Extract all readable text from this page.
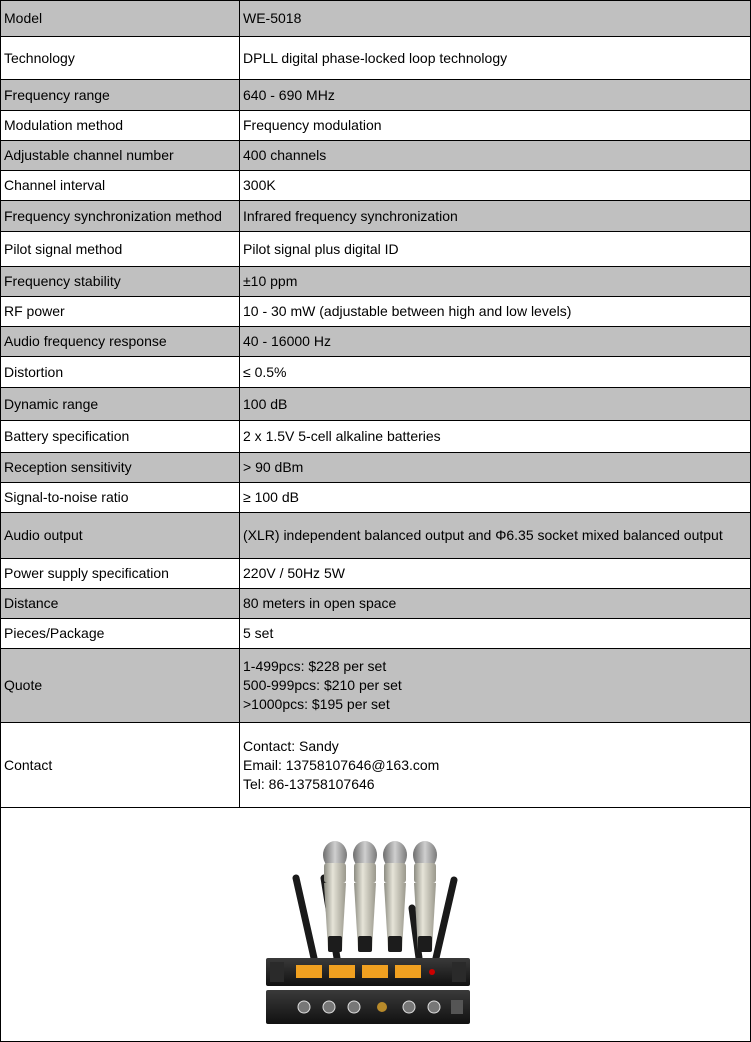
Model	WE-5018
Technology	DPLL digital phase-locked loop technology
Frequency range	640 - 690 MHz
Modulation method	Frequency modulation
Adjustable channel number	400 channels
Channel interval	300K
Frequency synchronization method	Infrared frequency synchronization
Pilot signal method	Pilot signal plus digital ID
Frequency stability	±10 ppm
RF power	10 - 30 mW (adjustable between high and low levels)
Audio frequency response	40 - 16000 Hz
Distortion	≤ 0.5%
Dynamic range	100 dB
Battery specification	2 x 1.5V 5-cell alkaline batteries
Reception sensitivity	> 90 dBm
Signal-to-noise ratio	≥ 100 dB
Audio output	(XLR) independent balanced output and Φ6.35 socket mixed balanced output
Power supply specification	220V / 50Hz 5W
Distance	80 meters in open space
Pieces/Package	5 set
Quote	1-499pcs: $228 per set
500-999pcs: $210 per set
>1000pcs: $195 per set

Contact	Contact: Sandy
Email: 13758107646@163.com
Tel: 86-13758107646
